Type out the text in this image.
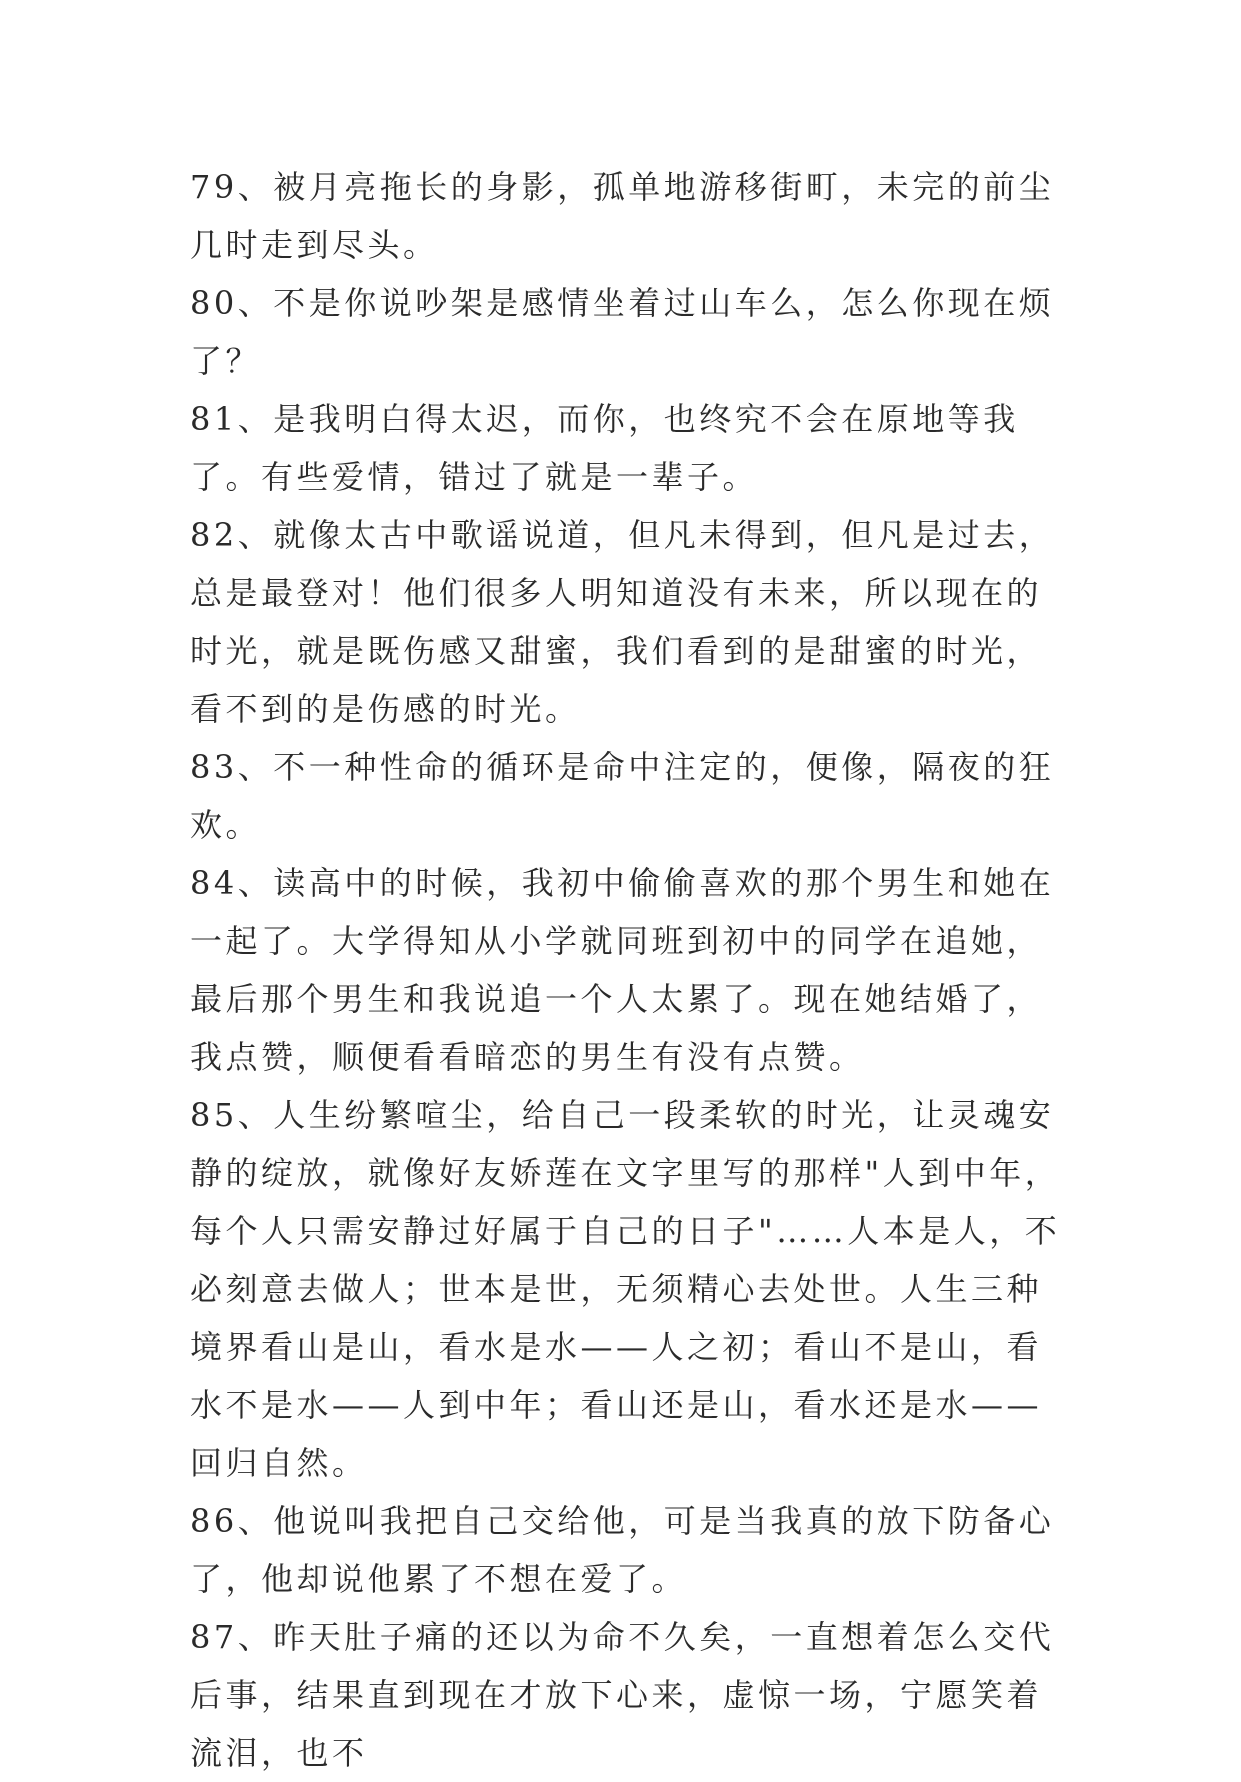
79、被月亮拖长的身影，孤单地游移街町，未完的前尘几时走到尽头。

80、不是你说吵架是感情坐着过山车么，怎么你现在烦了？

81、是我明白得太迟，而你，也终究不会在原地等我了。有些爱情，错过了就是一辈子。

82、就像太古中歌谣说道，但凡未得到，但凡是过去，总是最登对！他们很多人明知道没有未来，所以现在的时光，就是既伤感又甜蜜，我们看到的是甜蜜的时光，看不到的是伤感的时光。

83、不一种性命的循环是命中注定的，便像，隔夜的狂欢。

84、读高中的时候，我初中偷偷喜欢的那个男生和她在一起了。大学得知从小学就同班到初中的同学在追她，最后那个男生和我说追一个人太累了。现在她结婚了，我点赞，顺便看看暗恋的男生有没有点赞。

85、人生纷繁喧尘，给自己一段柔软的时光，让灵魂安静的绽放，就像好友娇莲在文字里写的那样"人到中年，每个人只需安静过好属于自己的日子"……人本是人，不必刻意去做人；世本是世，无须精心去处世。人生三种境界看山是山，看水是水——人之初；看山不是山，看水不是水——人到中年；看山还是山，看水还是水——回归自然。

86、他说叫我把自己交给他，可是当我真的放下防备心了，他却说他累了不想在爱了。

87、昨天肚子痛的还以为命不久矣，一直想着怎么交代后事，结果直到现在才放下心来，虚惊一场，宁愿笑着流泪，也不
